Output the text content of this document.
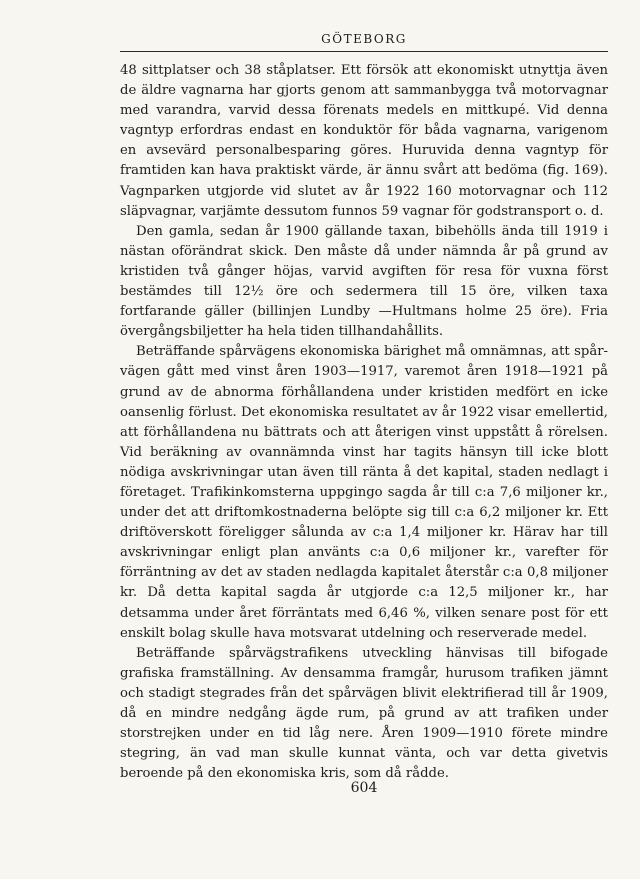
GÖTEBORG

48 sittplatser och 38 ståplatser. Ett försök att ekonomiskt utnyttja även de äldre vagnarna har gjorts genom att sammanbygga två motorvagnar med varandra, varvid dessa förenats medels en mittkupé. Vid denna vagntyp erfordras endast en konduktör för båda vagnarna, varigenom en avsevärd personalbesparing göres. Huruvida denna vagntyp för framtiden kan hava praktiskt värde, är ännu svårt att bedöma (fig. 169). Vagnparken utgjorde vid slutet av år 1922 160 motorvagnar och 112 släpvagnar, varjämte dessutom funnos 59 vagnar för godstransport o. d.

Den gamla, sedan år 1900 gällande taxan, bibehölls ända till 1919 i nästan oförändrat skick. Den måste då under nämnda år på grund av kristiden två gånger höjas, varvid avgiften för resa för vuxna först bestämdes till 12½ öre och sedermera till 15 öre, vilken taxa fortfarande gäller (billinjen Lundby —Hultmans holme 25 öre). Fria övergångsbiljetter ha hela tiden tillhandahållits.

Beträffande spårvägens ekonomiska bärighet må omnämnas, att spårvägen gått med vinst åren 1903—1917, varemot åren 1918—1921 på grund av de abnorma förhållandena under kristiden medfört en icke oansenlig förlust. Det ekonomiska resultatet av år 1922 visar emellertid, att förhållandena nu bättrats och att återigen vinst uppstått å rörelsen. Vid beräkning av ovannämnda vinst har tagits hänsyn till icke blott nödiga avskrivningar utan även till ränta å det kapital, staden nedlagt i företaget. Trafikinkomsterna uppgingo sagda år till c:a 7,6 miljoner kr., under det att driftomkostnaderna belöpte sig till c:a 6,2 miljoner kr. Ett driftöverskott föreligger sålunda av c:a 1,4 miljoner kr. Härav har till avskrivningar enligt plan använts c:a 0,6 miljoner kr., varefter för förräntning av det av staden nedlagda kapitalet återstår c:a 0,8 miljoner kr. Då detta kapital sagda år utgjorde c:a 12,5 miljoner kr., har detsamma under året förräntats med 6,46 %, vilken senare post för ett enskilt bolag skulle hava motsvarat utdelning och reserverade medel.

Beträffande spårvägstrafikens utveckling hänvisas till bifogade grafiska framställning. Av densamma framgår, hurusom trafiken jämnt och stadigt stegrades från det spårvägen blivit elektrifierad till år 1909, då en mindre nedgång ägde rum, på grund av att trafiken under storstrejken under en tid låg nere. Åren 1909—1910 förete mindre stegring, än vad man skulle kunnat vänta, och var detta givetvis beroende på den ekonomiska kris, som då rådde.

604
